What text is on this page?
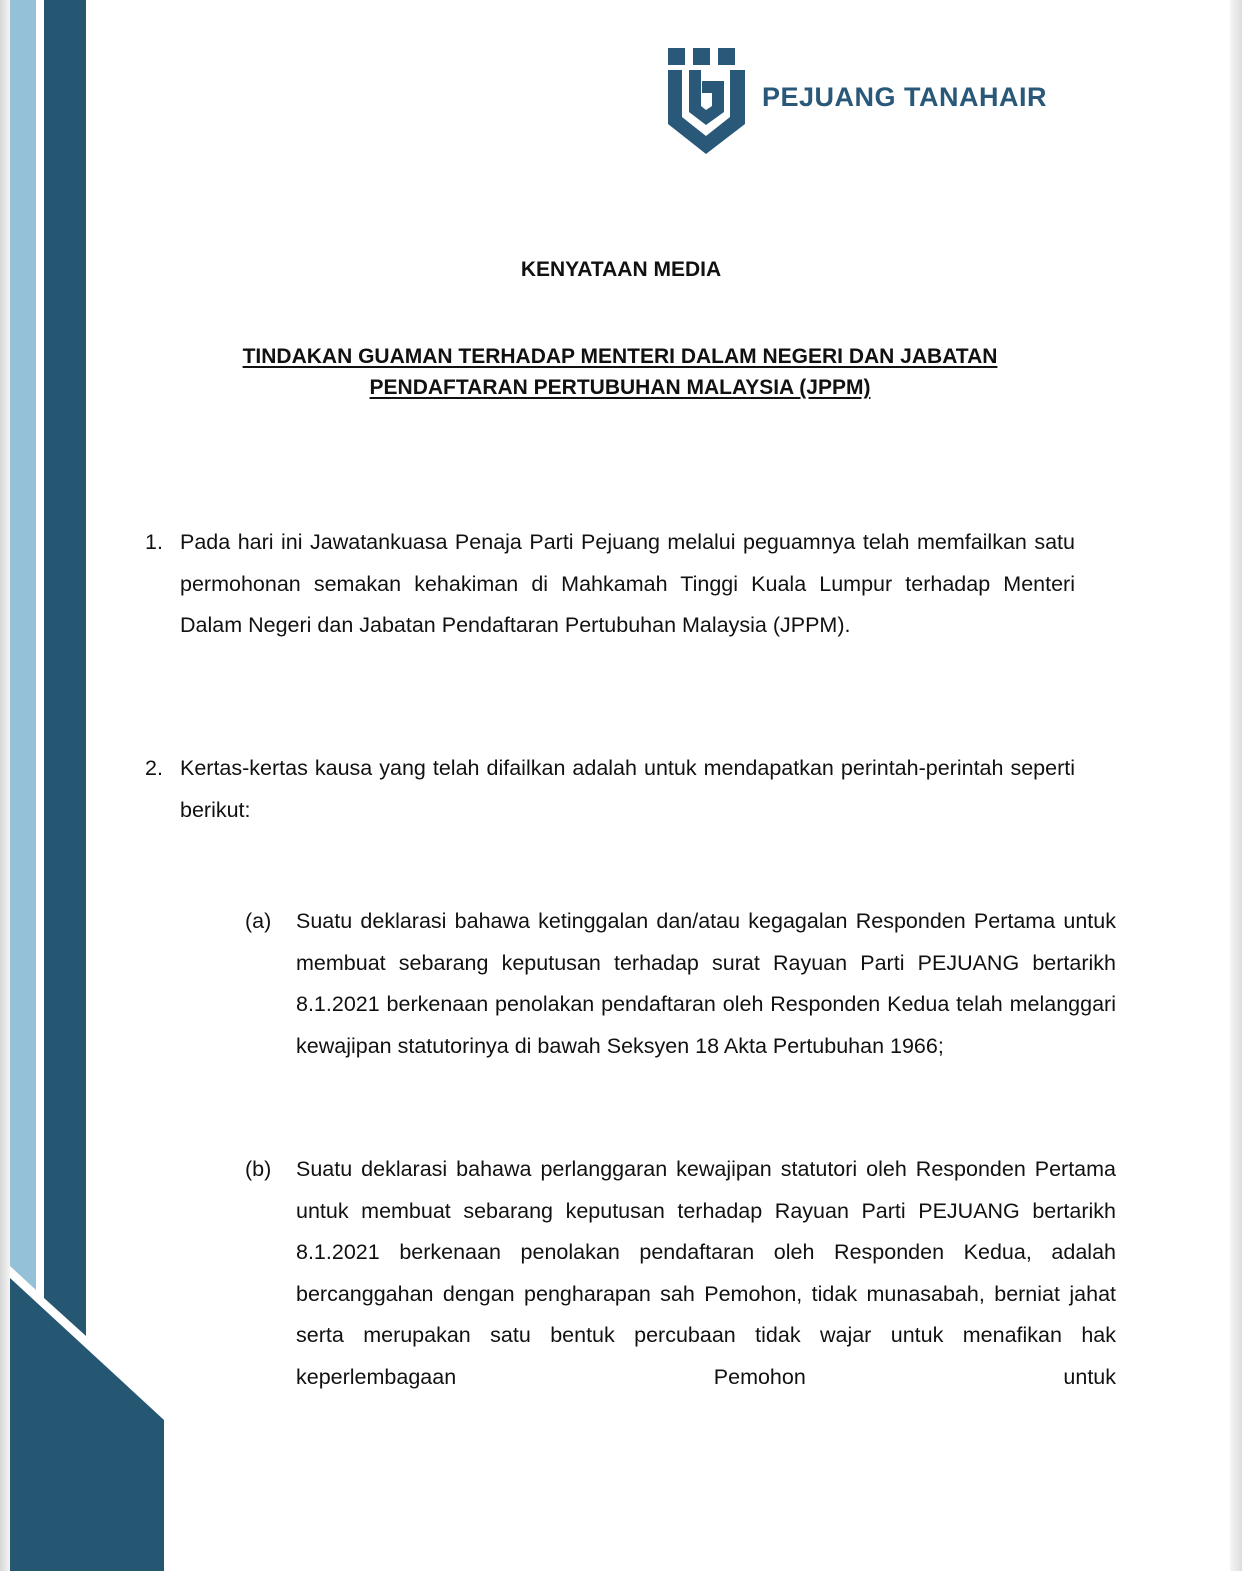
PEJUANG TANAHAIR
KENYATAAN MEDIA
TINDAKAN GUAMAN TERHADAP MENTERI DALAM NEGERI DAN JABATAN
PENDAFTARAN PERTUBUHAN MALAYSIA (JPPM)
1. Pada hari ini Jawatankuasa Penaja Parti Pejuang melalui peguamnya telah memfailkan satu permohonan semakan kehakiman di Mahkamah Tinggi Kuala Lumpur terhadap Menteri Dalam Negeri dan Jabatan Pendaftaran Pertubuhan Malaysia (JPPM).
2. Kertas-kertas kausa yang telah difailkan adalah untuk mendapatkan perintah-perintah seperti berikut:
(a) Suatu deklarasi bahawa ketinggalan dan/atau kegagalan Responden Pertama untuk membuat sebarang keputusan terhadap surat Rayuan Parti PEJUANG bertarikh 8.1.2021 berkenaan penolakan pendaftaran oleh Responden Kedua telah melanggari kewajipan statutorinya di bawah Seksyen 18 Akta Pertubuhan 1966;
(b) Suatu deklarasi bahawa perlanggaran kewajipan statutori oleh Responden Pertama untuk membuat sebarang keputusan terhadap Rayuan Parti PEJUANG bertarikh 8.1.2021 berkenaan penolakan pendaftaran oleh Responden Kedua, adalah bercanggahan dengan pengharapan sah Pemohon, tidak munasabah, berniat jahat serta merupakan satu bentuk percubaan tidak wajar untuk menafikan hak keperlembagaan Pemohon untuk
